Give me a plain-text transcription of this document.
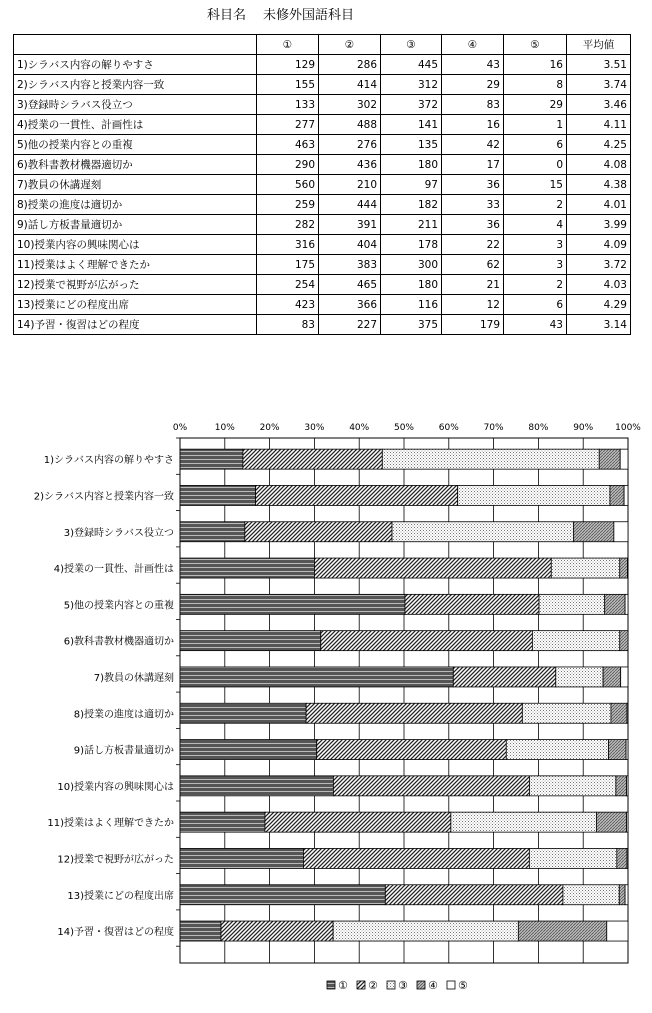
科目名 未修外国語科目
	①	②	③	④	⑤	平均値
1)シラバス内容の解りやすさ	129	286	445	43	16	3.51
2)シラバス内容と授業内容一致	155	414	312	29	8	3.74
3)登録時シラバス役立つ	133	302	372	83	29	3.46
4)授業の一貫性、計画性は	277	488	141	16	1	4.11
5)他の授業内容との重複	463	276	135	42	6	4.25
6)教科書教材機器適切か	290	436	180	17	0	4.08
7)教員の休講遅刻	560	210	97	36	15	4.38
8)授業の進度は適切か	259	444	182	33	2	4.01
9)話し方板書量適切か	282	391	211	36	4	3.99
10)授業内容の興味関心は	316	404	178	22	3	4.09
11)授業はよく理解できたか	175	383	300	62	3	3.72
12)授業で視野が広がった	254	465	180	21	2	4.03
13)授業にどの程度出席	423	366	116	12	6	4.29
14)予習・復習はどの程度	83	227	375	179	43	3.14
0%	10%	20%	30%	40%	50%	60%	70%	80%	90% 100%
1)シラバス内容の解りやすさ
2)シラバス内容と授業内容一致
3)登録時シラバス役立つ
4)授業の一貫性、計画性は
5)他の授業内容との重複
6)教科書教材機器適切か
7)教員の休講遅刻
8)授業の進度は適切か
9)話し方板書量適切か
10)授業内容の興味関心は
11)授業はよく理解できたか
12)授業で視野が広がった
13)授業にどの程度出席
14)予習・復習はどの程度
① ② ③ ④ ⑤
